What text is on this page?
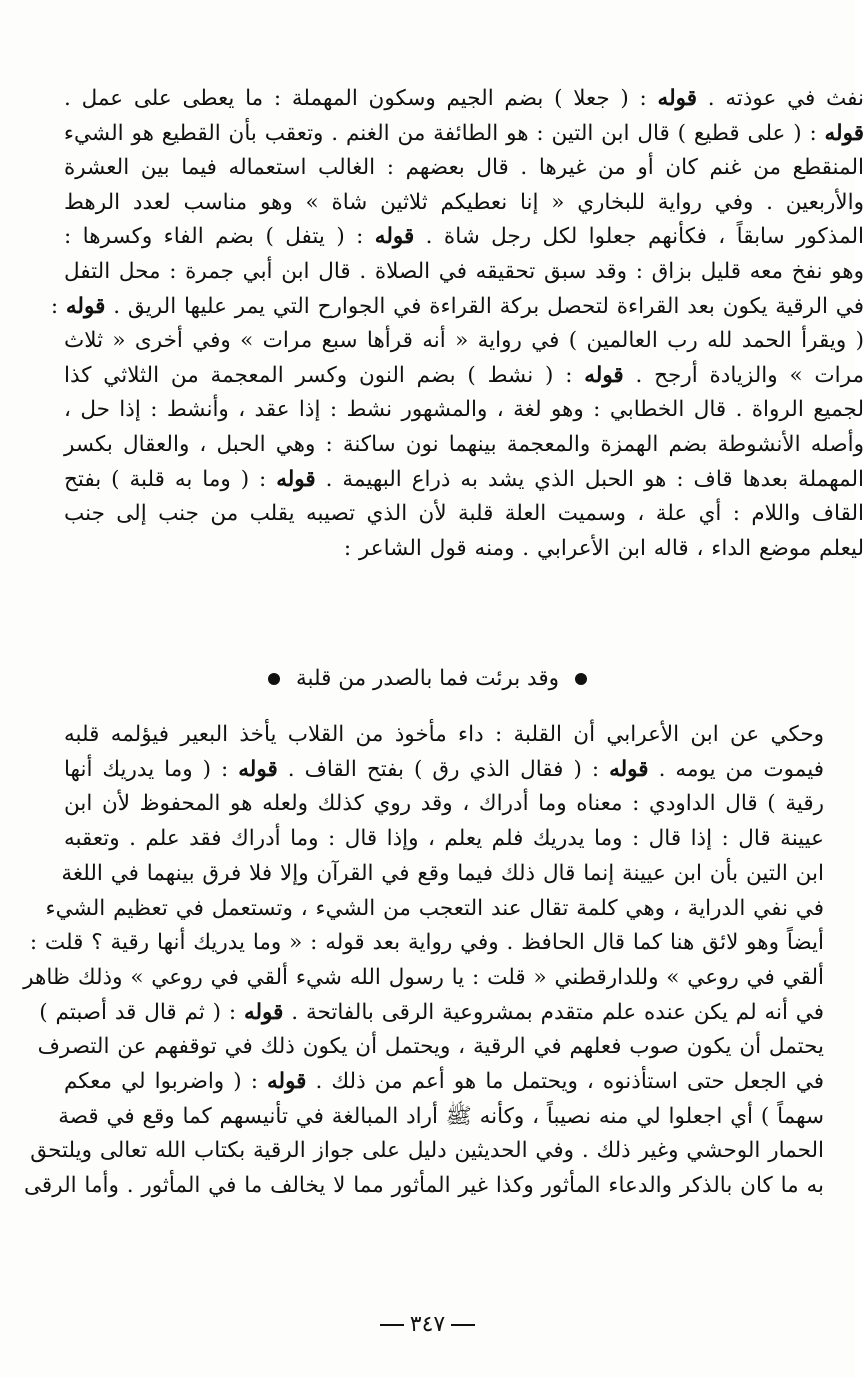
نفث في عوذته . قوله : ( جعلا ) بضم الجيم وسكون المهملة : ما يعطى على عمل .
قوله : ( على قطيع ) قال ابن التين : هو الطائفة من الغنم . وتعقب بأن القطيع هو الشيء
المنقطع من غنم كان أو من غيرها . قال بعضهم : الغالب استعماله فيما بين العشرة
والأربعين . وفي رواية للبخاري « إنا نعطيكم ثلاثين شاة » وهو مناسب لعدد الرهط
المذكور سابقاً ، فكأنهم جعلوا لكل رجل شاة . قوله : ( يتفل ) بضم الفاء وكسرها :
وهو نفخ معه قليل بزاق : وقد سبق تحقيقه في الصلاة . قال ابن أبي جمرة : محل التفل
في الرقية يكون بعد القراءة لتحصل بركة القراءة في الجوارح التي يمر عليها الريق . قوله :
( ويقرأ الحمد لله رب العالمين ) في رواية « أنه قرأها سبع مرات » وفي أخرى « ثلاث
مرات » والزيادة أرجح . قوله : ( نشط ) بضم النون وكسر المعجمة من الثلاثي كذا
لجميع الرواة . قال الخطابي : وهو لغة ، والمشهور نشط : إذا عقد ، وأنشط : إذا حل ،
وأصله الأنشوطة بضم الهمزة والمعجمة بينهما نون ساكنة : وهي الحبل ، والعقال بكسر
المهملة بعدها قاف : هو الحبل الذي يشد به ذراع البهيمة . قوله : ( وما به قلبة ) بفتح
القاف واللام : أي علة ، وسميت العلة قلبة لأن الذي تصيبه يقلب من جنب إلى جنب
ليعلم موضع الداء ، قاله ابن الأعرابي . ومنه قول الشاعر :
وقد برئت فما بالصدر من قلبة
وحكي عن ابن الأعرابي أن القلبة : داء مأخوذ من القلاب يأخذ البعير فيؤلمه قلبه
فيموت من يومه . قوله : ( فقال الذي رق ) بفتح القاف . قوله : ( وما يدريك أنها
رقية ) قال الداودي : معناه وما أدراك ، وقد روي كذلك ولعله هو المحفوظ لأن ابن
عيينة قال : إذا قال : وما يدريك فلم يعلم ، وإذا قال : وما أدراك فقد علم . وتعقبه
ابن التين بأن ابن عيينة إنما قال ذلك فيما وقع في القرآن وإلا فلا فرق بينهما في اللغة
في نفي الدراية ، وهي كلمة تقال عند التعجب من الشيء ، وتستعمل في تعظيم الشيء
أيضاً وهو لائق هنا كما قال الحافظ . وفي رواية بعد قوله : « وما يدريك أنها رقية ؟ قلت :
ألقي في روعي » وللدارقطني « قلت : يا رسول الله شيء ألقي في روعي » وذلك ظاهر
في أنه لم يكن عنده علم متقدم بمشروعية الرقى بالفاتحة . قوله : ( ثم قال قد أصبتم )
يحتمل أن يكون صوب فعلهم في الرقية ، ويحتمل أن يكون ذلك في توقفهم عن التصرف
في الجعل حتى استأذنوه ، ويحتمل ما هو أعم من ذلك . قوله : ( واضربوا لي معكم
سهماً ) أي اجعلوا لي منه نصيباً ، وكأنه ﷺ أراد المبالغة في تأنيسهم كما وقع في قصة
الحمار الوحشي وغير ذلك . وفي الحديثين دليل على جواز الرقية بكتاب الله تعالى ويلتحق
به ما كان بالذكر والدعاء المأثور وكذا غير المأثور مما لا يخالف ما في المأثور . وأما الرقى
٣٤٧
